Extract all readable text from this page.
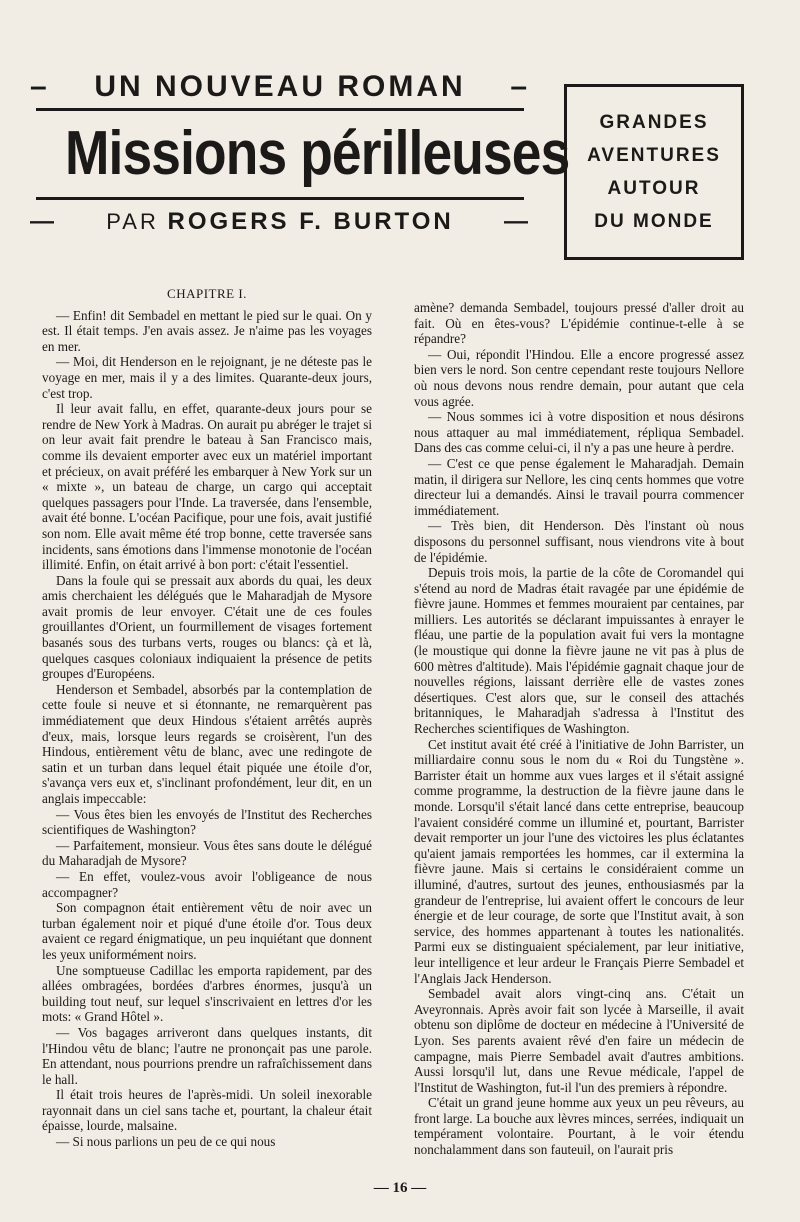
– UN NOUVEAU ROMAN –
Missions périlleuses
— PAR ROGERS F. BURTON —
GRANDES
AVENTURES
AUTOUR
DU MONDE

CHAPITRE I.

— Enfin! dit Sembadel en mettant le pied sur le quai. On y est. Il était temps. J'en avais assez. Je n'aime pas les voyages en mer.

— Moi, dit Henderson en le rejoignant, je ne déteste pas le voyage en mer, mais il y a des limites. Quarante-deux jours, c'est trop.

Il leur avait fallu, en effet, quarante-deux jours pour se rendre de New York à Madras. On aurait pu abréger le trajet si on leur avait fait prendre le bateau à San Francisco mais, comme ils devaient emporter avec eux un matériel important et précieux, on avait préféré les embarquer à New York sur un « mixte », un bateau de charge, un cargo qui acceptait quelques passagers pour l'Inde. La traversée, dans l'ensemble, avait été bonne. L'océan Pacifique, pour une fois, avait justifié son nom. Elle avait même été trop bonne, cette traversée sans incidents, sans émotions dans l'immense monotonie de l'océan illimité. Enfin, on était arrivé à bon port: c'était l'essentiel.

Dans la foule qui se pressait aux abords du quai, les deux amis cherchaient les délégués que le Maharadjah de Mysore avait promis de leur envoyer. C'était une de ces foules grouillantes d'Orient, un fourmillement de visages fortement basanés sous des turbans verts, rouges ou blancs: çà et là, quelques casques coloniaux indiquaient la présence de petits groupes d'Européens.

Henderson et Sembadel, absorbés par la contemplation de cette foule si neuve et si étonnante, ne remarquèrent pas immédiatement que deux Hindous s'étaient arrêtés auprès d'eux, mais, lorsque leurs regards se croisèrent, l'un des Hindous, entièrement vêtu de blanc, avec une redingote de satin et un turban dans lequel était piquée une étoile d'or, s'avança vers eux et, s'inclinant profondément, leur dit, en un anglais impeccable:

— Vous êtes bien les envoyés de l'Institut des Recherches scientifiques de Washington?

— Parfaitement, monsieur. Vous êtes sans doute le délégué du Maharadjah de Mysore?

— En effet, voulez-vous avoir l'obligeance de nous accompagner?

Son compagnon était entièrement vêtu de noir avec un turban également noir et piqué d'une étoile d'or. Tous deux avaient ce regard énigmatique, un peu inquiétant que donnent les yeux uniformément noirs.

Une somptueuse Cadillac les emporta rapidement, par des allées ombragées, bordées d'arbres énormes, jusqu'à un building tout neuf, sur lequel s'inscrivaient en lettres d'or les mots: « Grand Hôtel ».

— Vos bagages arriveront dans quelques instants, dit l'Hindou vêtu de blanc; l'autre ne prononçait pas une parole. En attendant, nous pourrions prendre un rafraîchissement dans le hall.

Il était trois heures de l'après-midi. Un soleil inexorable rayonnait dans un ciel sans tache et, pourtant, la chaleur était épaisse, lourde, malsaine.

— Si nous parlions un peu de ce qui nous

amène? demanda Sembadel, toujours pressé d'aller droit au fait. Où en êtes-vous? L'épidémie continue-t-elle à se répandre?

— Oui, répondit l'Hindou. Elle a encore progressé assez bien vers le nord. Son centre cependant reste toujours Nellore où nous devons nous rendre demain, pour autant que cela vous agrée.

— Nous sommes ici à votre disposition et nous désirons nous attaquer au mal immédiatement, répliqua Sembadel. Dans des cas comme celui-ci, il n'y a pas une heure à perdre.

— C'est ce que pense également le Maharadjah. Demain matin, il dirigera sur Nellore, les cinq cents hommes que votre directeur lui a demandés. Ainsi le travail pourra commencer immédiatement.

— Très bien, dit Henderson. Dès l'instant où nous disposons du personnel suffisant, nous viendrons vite à bout de l'épidémie.

Depuis trois mois, la partie de la côte de Coromandel qui s'étend au nord de Madras était ravagée par une épidémie de fièvre jaune. Hommes et femmes mouraient par centaines, par milliers. Les autorités se déclarant impuissantes à enrayer le fléau, une partie de la population avait fui vers la montagne (le moustique qui donne la fièvre jaune ne vit pas à plus de 600 mètres d'altitude). Mais l'épidémie gagnait chaque jour de nouvelles régions, laissant derrière elle de vastes zones désertiques. C'est alors que, sur le conseil des attachés britanniques, le Maharadjah s'adressa à l'Institut des Recherches scientifiques de Washington.

Cet institut avait été créé à l'initiative de John Barrister, un milliardaire connu sous le nom du « Roi du Tungstène ». Barrister était un homme aux vues larges et il s'était assigné comme programme, la destruction de la fièvre jaune dans le monde. Lorsqu'il s'était lancé dans cette entreprise, beaucoup l'avaient considéré comme un illuminé et, pourtant, Barrister devait remporter un jour l'une des victoires les plus éclatantes qu'aient jamais remportées les hommes, car il extermina la fièvre jaune. Mais si certains le considéraient comme un illuminé, d'autres, surtout des jeunes, enthousiasmés par la grandeur de l'entreprise, lui avaient offert le concours de leur énergie et de leur courage, de sorte que l'Institut avait, à son service, des hommes appartenant à toutes les nationalités. Parmi eux se distinguaient spécialement, par leur initiative, leur intelligence et leur ardeur le Français Pierre Sembadel et l'Anglais Jack Henderson.

Sembadel avait alors vingt-cinq ans. C'était un Aveyronnais. Après avoir fait son lycée à Marseille, il avait obtenu son diplôme de docteur en médecine à l'Université de Lyon. Ses parents avaient rêvé d'en faire un médecin de campagne, mais Pierre Sembadel avait d'autres ambitions. Aussi lorsqu'il lut, dans une Revue médicale, l'appel de l'Institut de Washington, fut-il l'un des premiers à répondre.

C'était un grand jeune homme aux yeux un peu rêveurs, au front large. La bouche aux lèvres minces, serrées, indiquait un tempérament volontaire. Pourtant, à le voir étendu nonchalamment dans son fauteuil, on l'aurait pris

— 16 —
